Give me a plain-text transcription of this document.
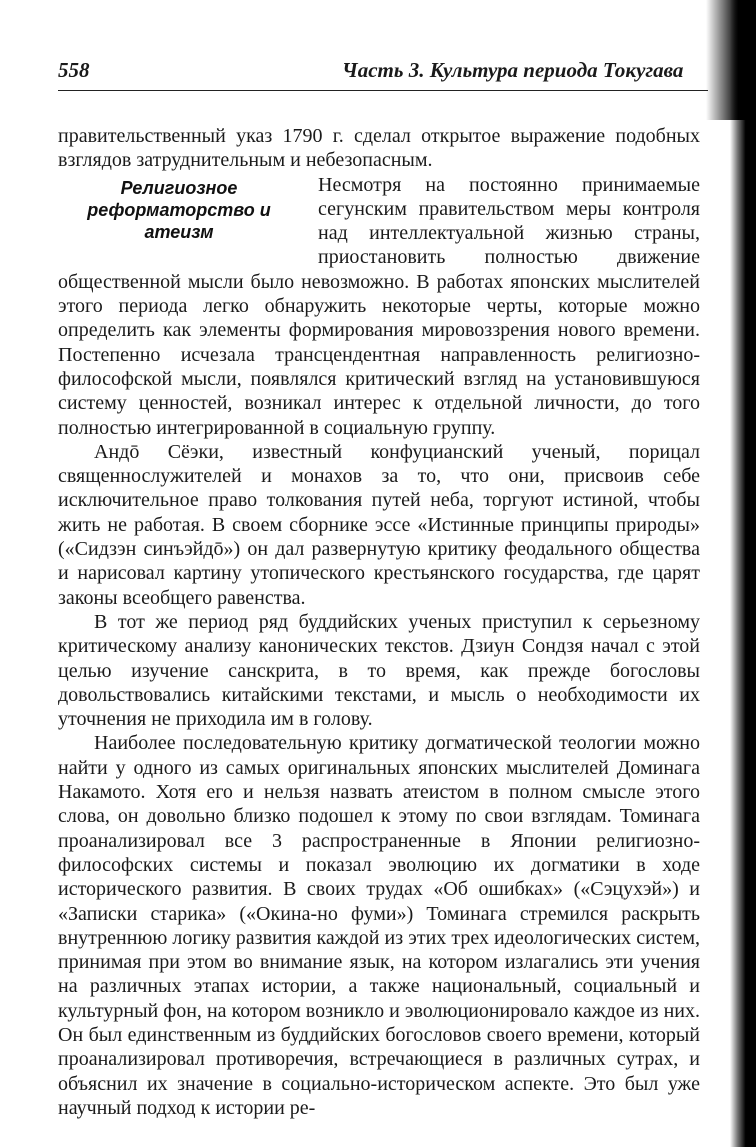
558	Часть 3. Культура периода Токугава

правительственный указ 1790 г. сделал открытое выражение подобных взглядов затруднительным и небезопасным.

Религиозное реформаторство и атеизм

Несмотря на постоянно принимаемые сегунским правительством меры контроля над интеллектуальной жизнью страны, приостановить полностью движение общественной мысли было невозможно. В работах японских мыслителей этого периода легко обнаружить некоторые черты, которые можно определить как элементы формирования мировоззрения нового времени. Постепенно исчезала трансцендентная направленность религиозно-философской мысли, появлялся критический взгляд на установившуюся систему ценностей, возникал интерес к отдельной личности, до того полностью интегрированной в социальную группу.

Андō Сёэки, известный конфуцианский ученый, порицал священнослужителей и монахов за то, что они, присвоив себе исключительное право толкования путей неба, торгуют истиной, чтобы жить не работая. В своем сборнике эссе «Истинные принципы природы» («Сидзэн синъэйдō») он дал развернутую критику феодального общества и нарисовал картину утопического крестьянского государства, где царят законы всеобщего равенства.

В тот же период ряд буддийских ученых приступил к серьезному критическому анализу канонических текстов. Дзиун Сондзя начал с этой целью изучение санскрита, в то время, как прежде богословы довольствовались китайскими текстами, и мысль о необходимости их уточнения не приходила им в голову.

Наиболее последовательную критику догматической теологии можно найти у одного из самых оригинальных японских мыслителей Доминага Накамото. Хотя его и нельзя назвать атеистом в полном смысле этого слова, он довольно близко подошел к этому по свои взглядам. Томинага проанализировал все 3 распространенные в Японии религиозно-философских системы и показал эволюцию их догматики в ходе исторического развития. В своих трудах «Об ошибках» («Сэцухэй») и «Записки старика» («Окина-но фуми») Томинага стремился раскрыть внутреннюю логику развития каждой из этих трех идеологических систем, принимая при этом во внимание язык, на котором излагались эти учения на различных этапах истории, а также национальный, социальный и культурный фон, на котором возникло и эволюционировало каждое из них. Он был единственным из буддийских богословов своего времени, который проанализировал противоречия, встречающиеся в различных сутрах, и объяснил их значение в социально-историческом аспекте. Это был уже научный подход к истории ре-
